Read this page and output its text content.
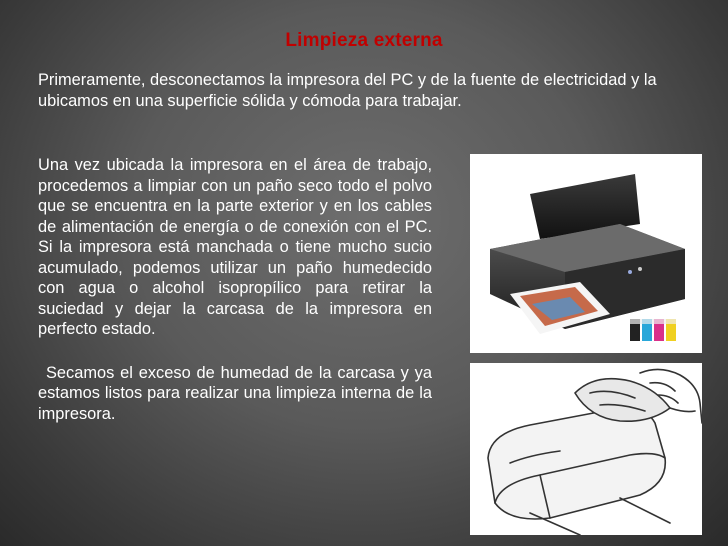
Limpieza externa
Primeramente, desconectamos la impresora del PC y de la fuente de electricidad y la ubicamos en una superficie sólida y cómoda para trabajar.

Una vez ubicada la impresora en el área de trabajo, procedemos a limpiar con un paño seco todo el polvo que se encuentra en la parte exterior y en los cables de alimentación de energía o de conexión con el PC. Si la impresora está manchada o tiene mucho sucio acumulado, podemos utilizar un paño humedecido con agua o alcohol isopropílico para retirar la suciedad y dejar la carcasa de la impresora en perfecto estado.

Secamos el exceso de humedad de la carcasa y ya estamos listos para realizar una limpieza interna de la impresora.
